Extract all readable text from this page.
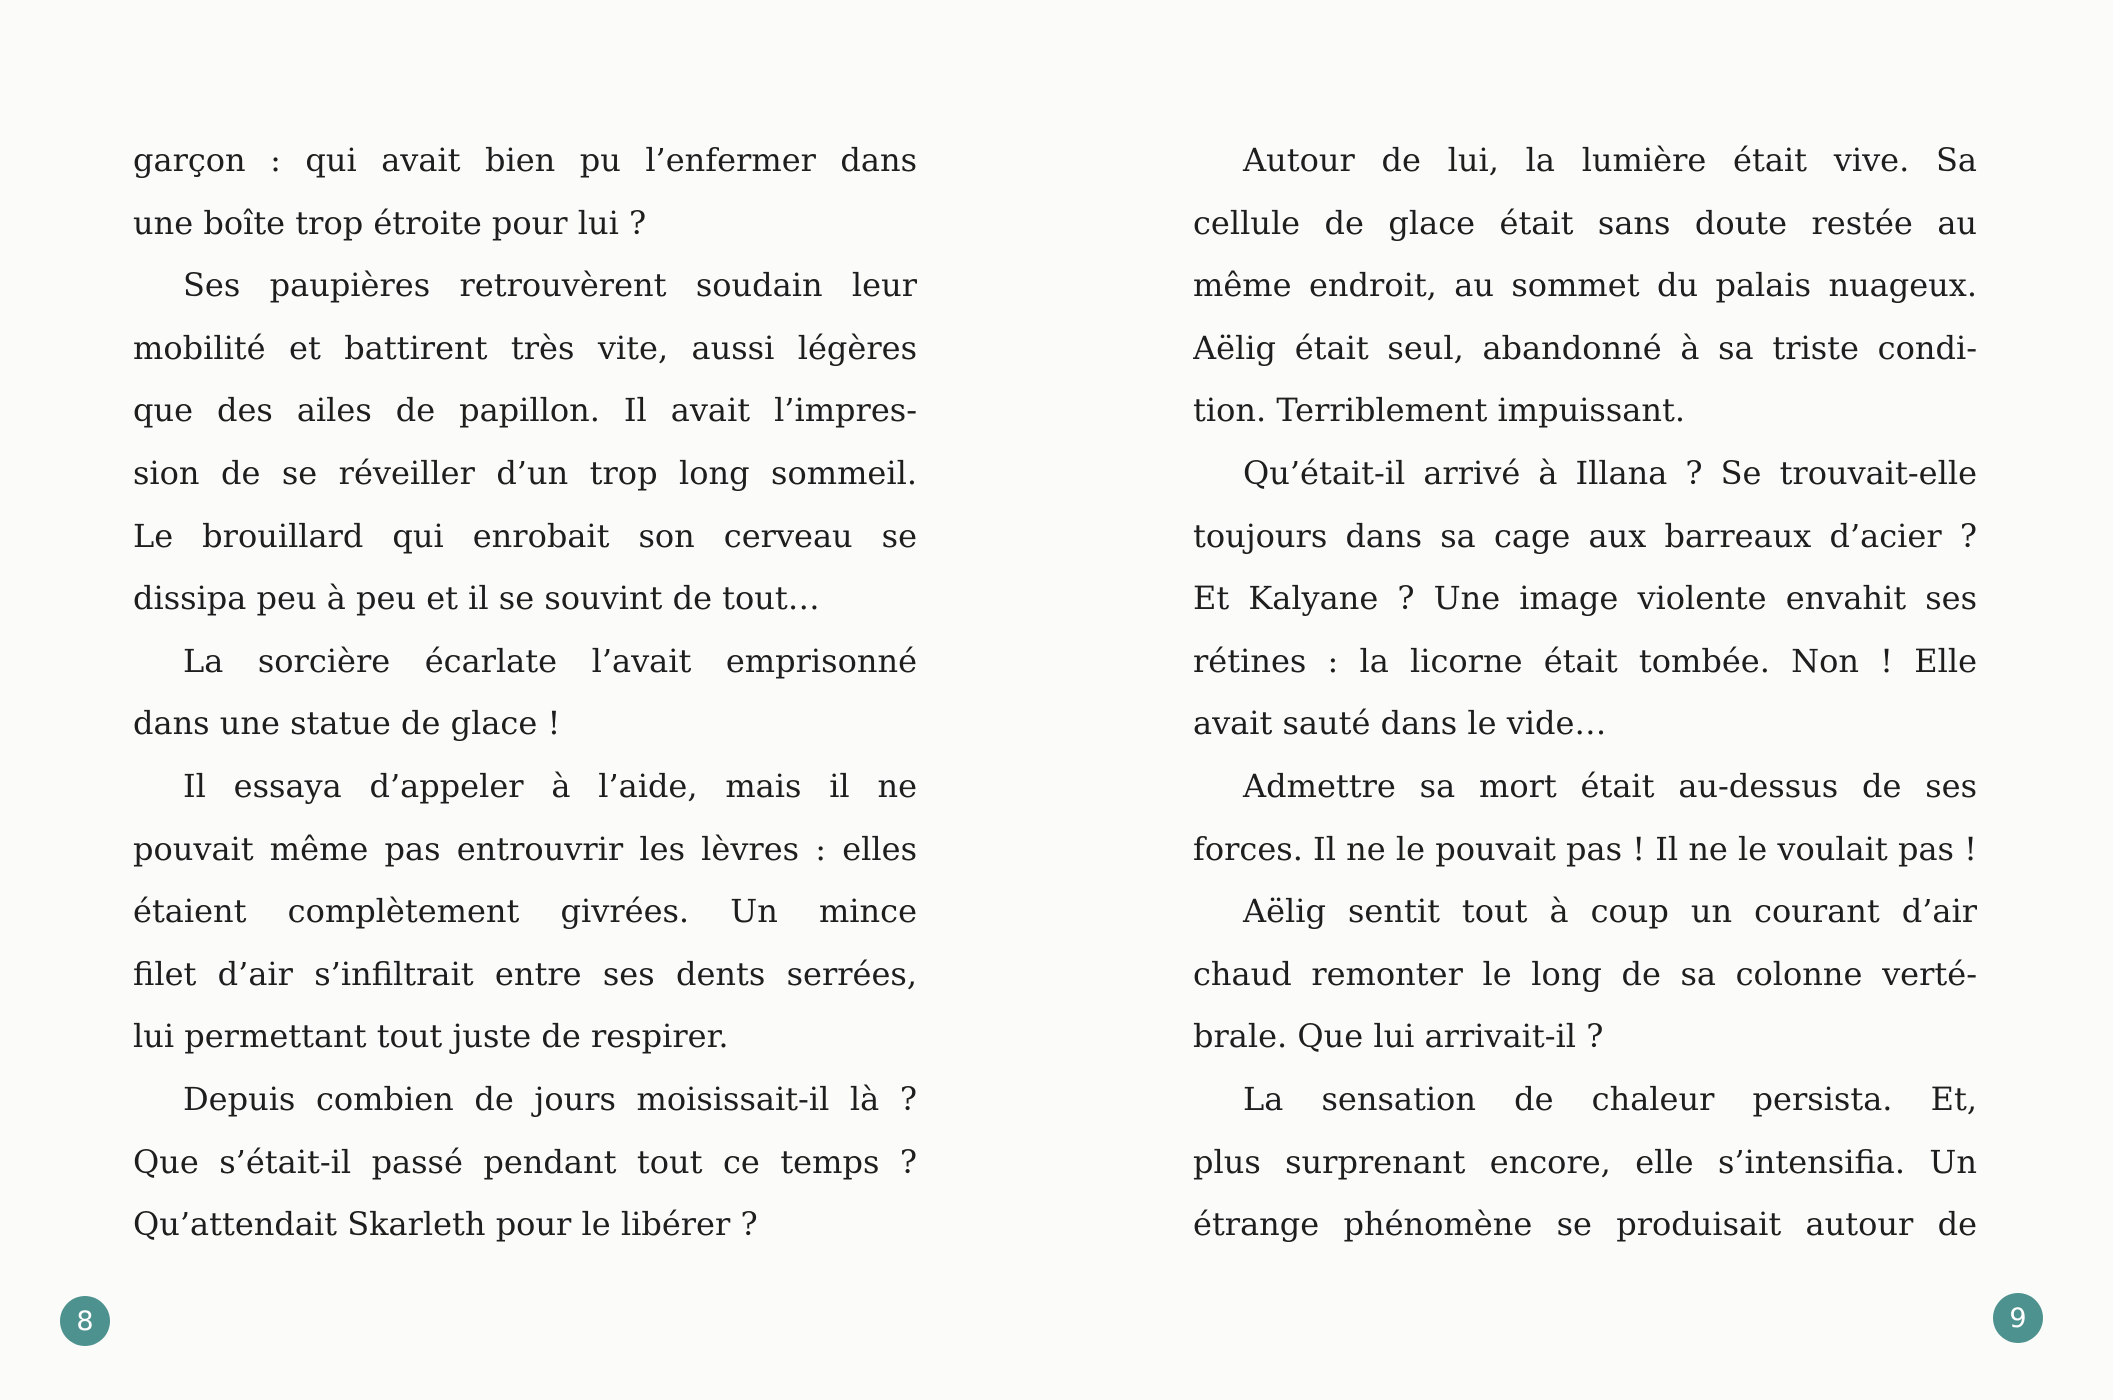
garçon : qui avait bien pu l’enfermer dans

une boîte trop étroite pour lui ?

Ses paupières retrouvèrent soudain leur

mobilité et battirent très vite, aussi légères

que des ailes de papillon. Il avait l’impres-

sion de se réveiller d’un trop long sommeil.

Le brouillard qui enrobait son cerveau se

dissipa peu à peu et il se souvint de tout…

La sorcière écarlate l’avait emprisonné

dans une statue de glace !

Il essaya d’appeler à l’aide, mais il ne

pouvait même pas entrouvrir les lèvres : elles

étaient complètement givrées. Un mince

filet d’air s’infiltrait entre ses dents serrées,

lui permettant tout juste de respirer.

Depuis combien de jours moisissait-il là ?

Que s’était-il passé pendant tout ce temps ?

Qu’attendait Skarleth pour le libérer ?

8

Autour de lui, la lumière était vive. Sa

cellule de glace était sans doute restée au

même endroit, au sommet du palais nuageux.

Aëlig était seul, abandonné à sa triste condi-

tion. Terriblement impuissant.

Qu’était-il arrivé à Illana ? Se trouvait-elle

toujours dans sa cage aux barreaux d’acier ?

Et Kalyane ? Une image violente envahit ses

rétines : la licorne était tombée. Non ! Elle

avait sauté dans le vide…

Admettre sa mort était au-dessus de ses

forces. Il ne le pouvait pas ! Il ne le voulait pas !

Aëlig sentit tout à coup un courant d’air

chaud remonter le long de sa colonne verté-

brale. Que lui arrivait-il ?

La sensation de chaleur persista. Et,

plus surprenant encore, elle s’intensifia. Un

étrange phénomène se produisait autour de

9
